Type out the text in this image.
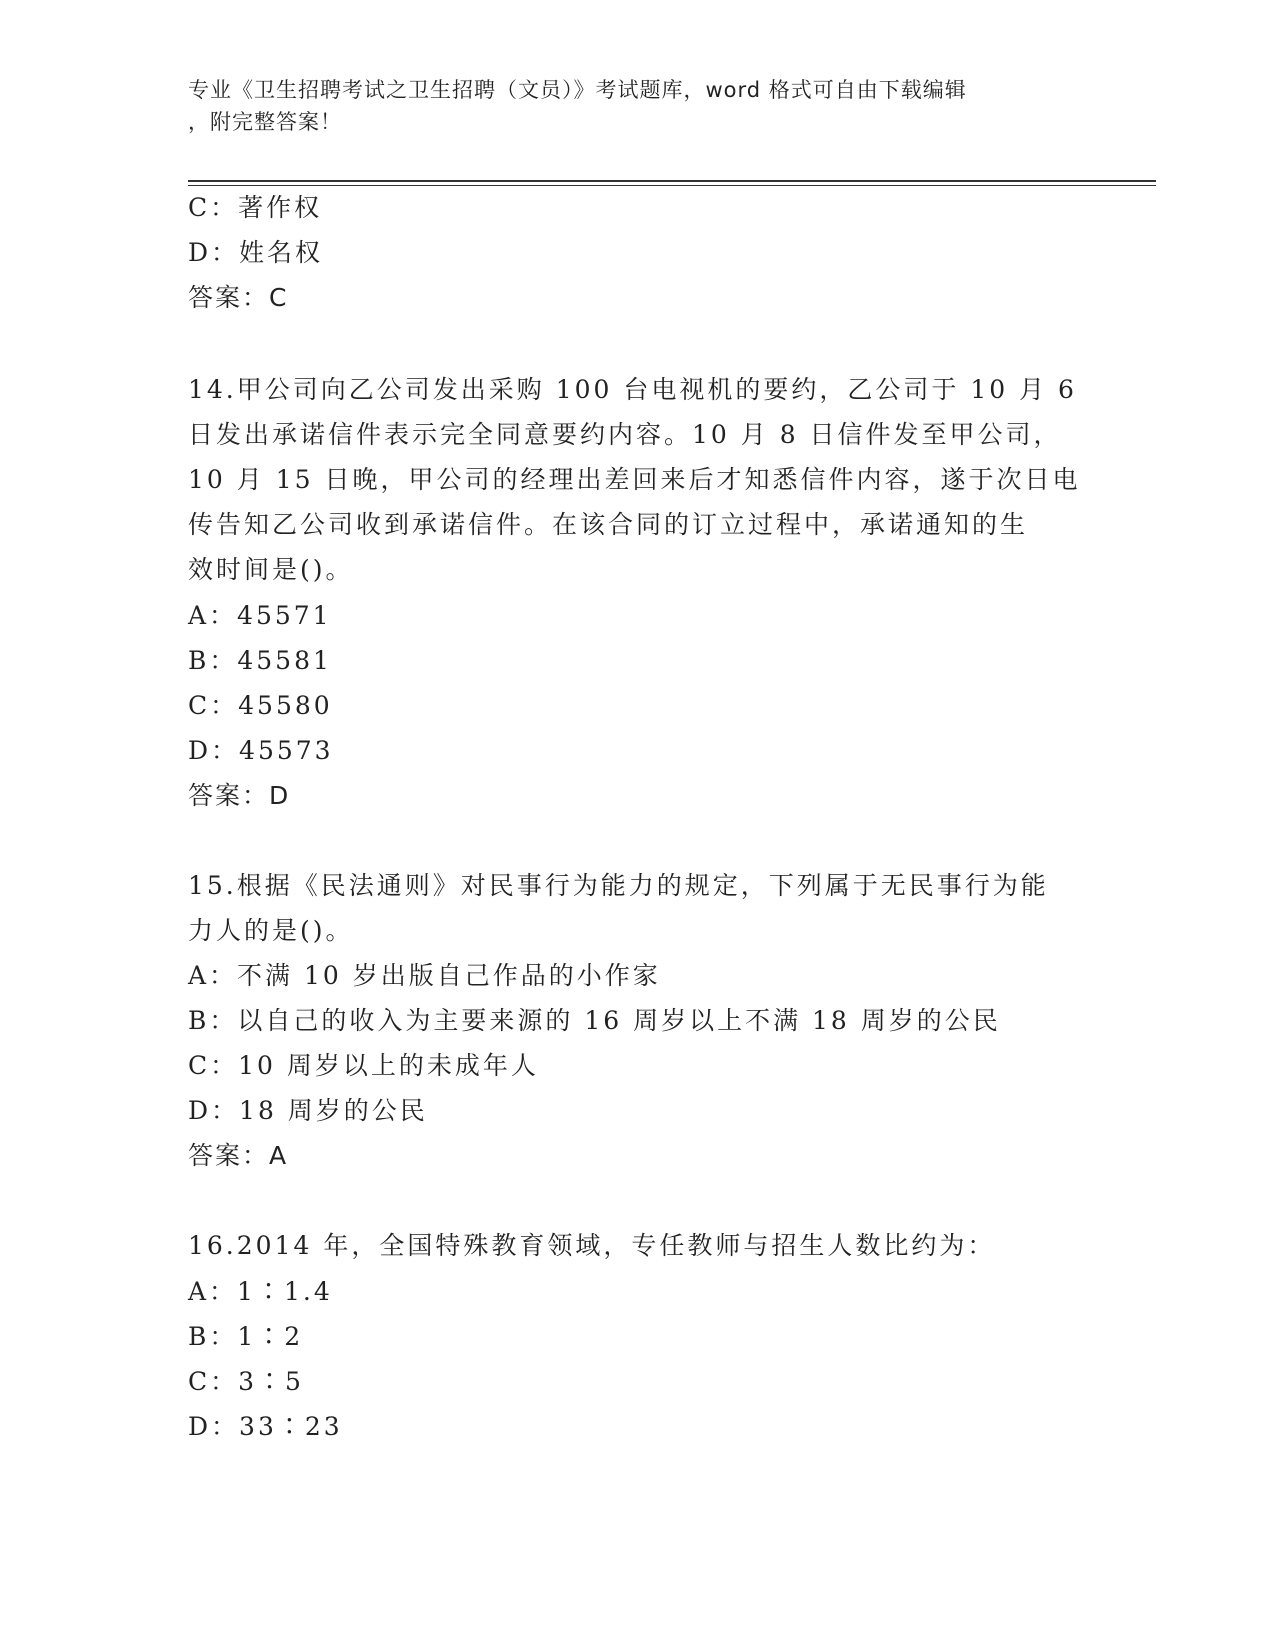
专业《卫生招聘考试之卫生招聘（文员）》考试题库，word 格式可自由下载编辑
，附完整答案！
C：著作权
D：姓名权
答案：C
14.甲公司向乙公司发出采购 100 台电视机的要约，乙公司于 10 月 6
日发出承诺信件表示完全同意要约内容。10 月 8 日信件发至甲公司，
10 月 15 日晚，甲公司的经理出差回来后才知悉信件内容，遂于次日电
传告知乙公司收到承诺信件。在该合同的订立过程中，承诺通知的生
效时间是()。
A：45571
B：45581
C：45580
D：45573
答案：D
15.根据《民法通则》对民事行为能力的规定，下列属于无民事行为能
力人的是()。
A：不满 10 岁出版自己作品的小作家
B：以自己的收入为主要来源的 16 周岁以上不满 18 周岁的公民
C：10 周岁以上的未成年人
D：18 周岁的公民
答案：A
16.2014 年，全国特殊教育领域，专任教师与招生人数比约为：
A：1∶1.4
B：1∶2
C：3∶5
D：33∶23
